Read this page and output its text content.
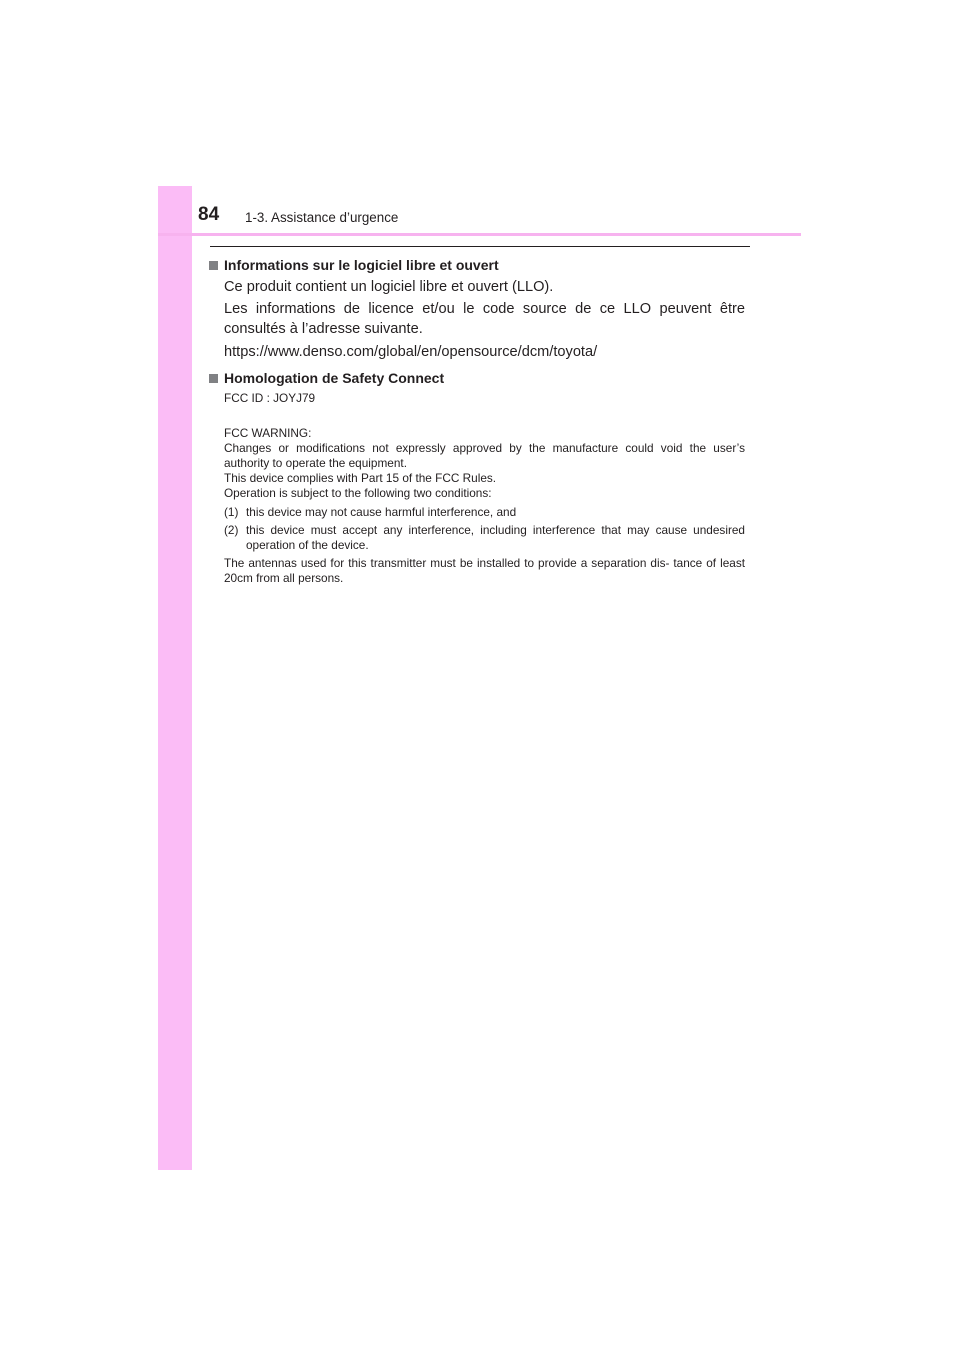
84 1-3. Assistance d’urgence
Informations sur le logiciel libre et ouvert

Ce produit contient un logiciel libre et ouvert (LLO).

Les informations de licence et/ou le code source de ce LLO peuvent être consultés à l’adresse suivante.

https://www.denso.com/global/en/opensource/dcm/toyota/

Homologation de Safety Connect

FCC ID : JOYJ79

FCC WARNING:

Changes or modifications not expressly approved by the manufacture could void the user’s authority to operate the equipment.

This device complies with Part 15 of the FCC Rules.

Operation is subject to the following two conditions:

(1) this device may not cause harmful interference, and
(2) this device must accept any interference, including interference that may cause undesired operation of the device.

The antennas used for this transmitter must be installed to provide a separation dis- tance of least 20cm from all persons.
